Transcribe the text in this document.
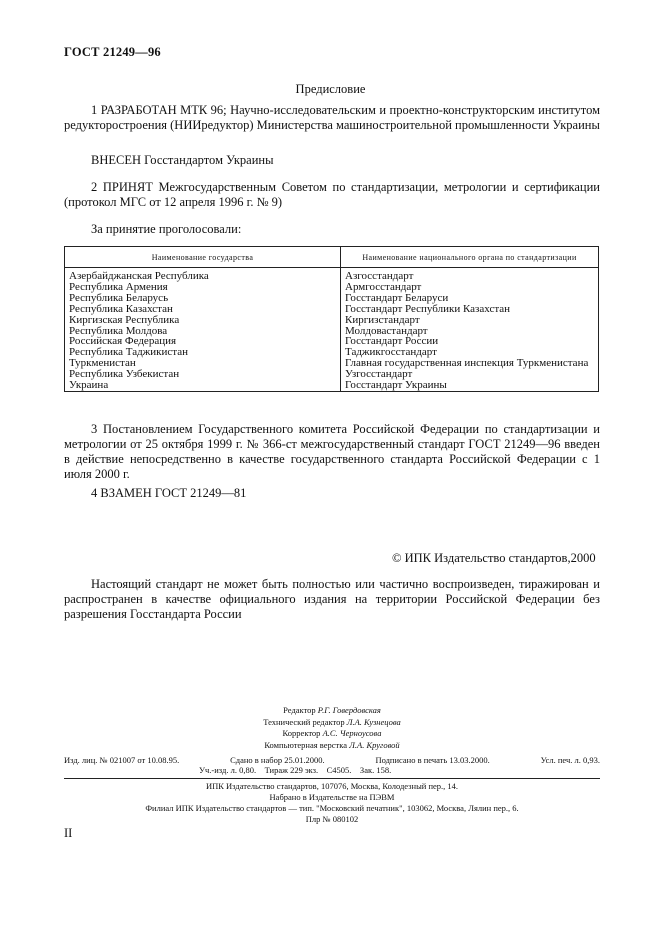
ГОСТ 21249—96
Предисловие
1 РАЗРАБОТАН МТК 96; Научно-исследовательским и проектно-конструкторским институтом редукторостроения (НИИредуктор) Министерства машиностроительной промышленности Украины
ВНЕСЕН Госстандартом Украины
2 ПРИНЯТ Межгосударственным Советом по стандартизации, метрологии и сертификации (протокол МГС от 12 апреля 1996 г. № 9)
За принятие проголосовали:
Наименование государства	Наименование национального органа по стандартизации
Азербайджанская Республика	Азгосстандарт
Республика Армения	Армгосстандарт
Республика Беларусь	Госстандарт Беларуси
Республика Казахстан	Госстандарт Республики Казахстан
Киргизская Республика	Киргизстандарт
Республика Молдова	Молдовастандарт
Российская Федерация	Госстандарт России
Республика Таджикистан	Таджикгосстандарт
Туркменистан	Главная государственная инспекция Туркменистана
Республика Узбекистан	Узгосстандарт
Украина	Госстандарт Украины
3 Постановлением Государственного комитета Российской Федерации по стандартизации и метрологии от 25 октября 1999 г. № 366-ст межгосударственный стандарт ГОСТ 21249—96 введен в действие непосредственно в качестве государственного стандарта Российской Федерации с 1 июля 2000 г.
4 ВЗАМЕН ГОСТ 21249—81
© ИПК Издательство стандартов,2000
Настоящий стандарт не может быть полностью или частично воспроизведен, тиражирован и распространен в качестве официального издания на территории Российской Федерации без разрешения Госстандарта России
Редактор Р.Г. Говердовская
Технический редактор Л.А. Кузнецова
Корректор А.С. Черноусова
Компьютерная верстка Л.А. Круговой
Изд. лиц. № 021007 от 10.08.95.	Сдано в набор 25.01.2000.	Подписано в печать 13.03.2000.	Усл. печ. л. 0,93.
Уч.-изд. л. 0,80.    Тираж 229 экз.    С4505.    Зак. 158.
ИПК Издательство стандартов, 107076, Москва, Колодезный пер., 14.
Набрано в Издательстве на ПЭВМ
Филиал ИПК Издательство стандартов — тип. "Московский печатник", 103062, Москва, Лялин пер., 6.
Плр № 080102
II
